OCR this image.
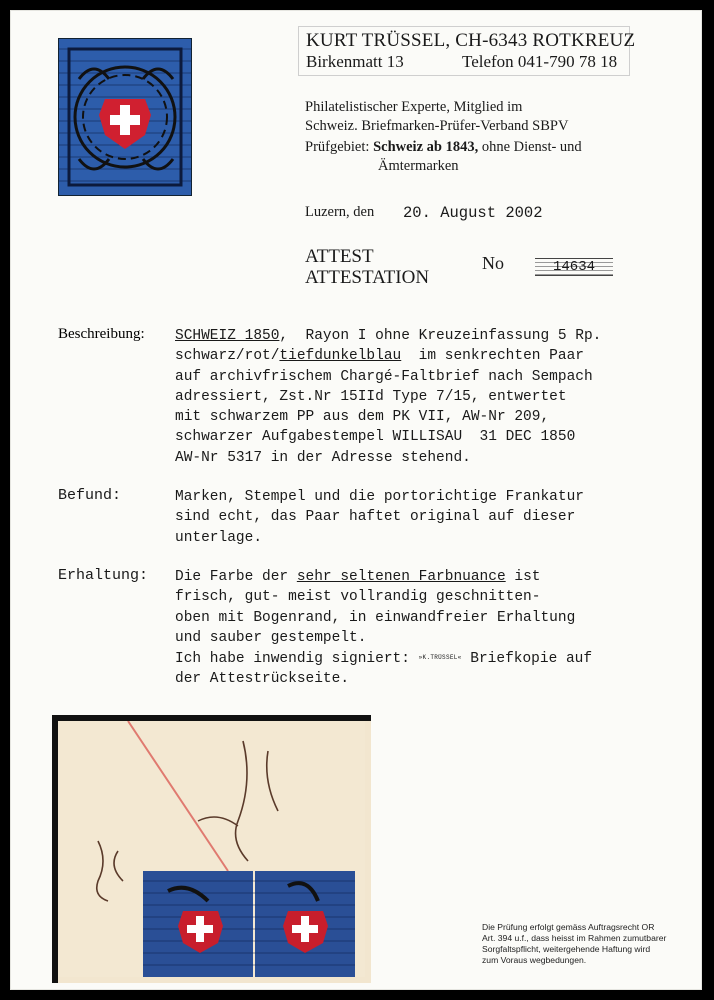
KURT TRÜSSEL, CH-6343 ROTKREUZ
Birkenmatt 13	Telefon 041-790 78 18
Philatelistischer Experte, Mitglied im
Schweiz. Briefmarken-Prüfer-Verband SBPV
Prüfgebiet: Schweiz ab 1843, ohne Dienst- und
Ämtermarken
Luzern, den 20. August 2002
ATTEST
ATTESTATION
No	14634
Beschreibung: SCHWEIZ 1850,  Rayon I ohne Kreuzeinfassung 5 Rp.
schwarz/rot/tiefdunkelblau  im senkrechten Paar
auf archivfrischem Chargé-Faltbrief nach Sempach
adressiert, Zst.Nr 15IId Type 7/15, entwertet
mit schwarzem PP aus dem PK VII, AW-Nr 209,
schwarzer Aufgabestempel WILLISAU  31 DEC 1850
AW-Nr 5317 in der Adresse stehend.
Befund:	Marken, Stempel und die portorichtige Frankatur
sind echt, das Paar haftet original auf dieser
unterlage.
Erhaltung: Die Farbe der sehr seltenen Farbnuance ist
frisch, gut- meist vollrandig geschnitten-
oben mit Bogenrand, in einwandfreier Erhaltung
und sauber gestempelt.
Ich habe inwendig signiert: »K.TRÜSSEL« Briefkopie auf
der Attestrückseite.
Die Prüfung erfolgt gemäss Auftragsrecht OR
Art. 394 u.f., dass heisst im Rahmen zumutbarer
Sorgfaltspflicht, weitergehende Haftung wird
zum Voraus wegbedungen.
